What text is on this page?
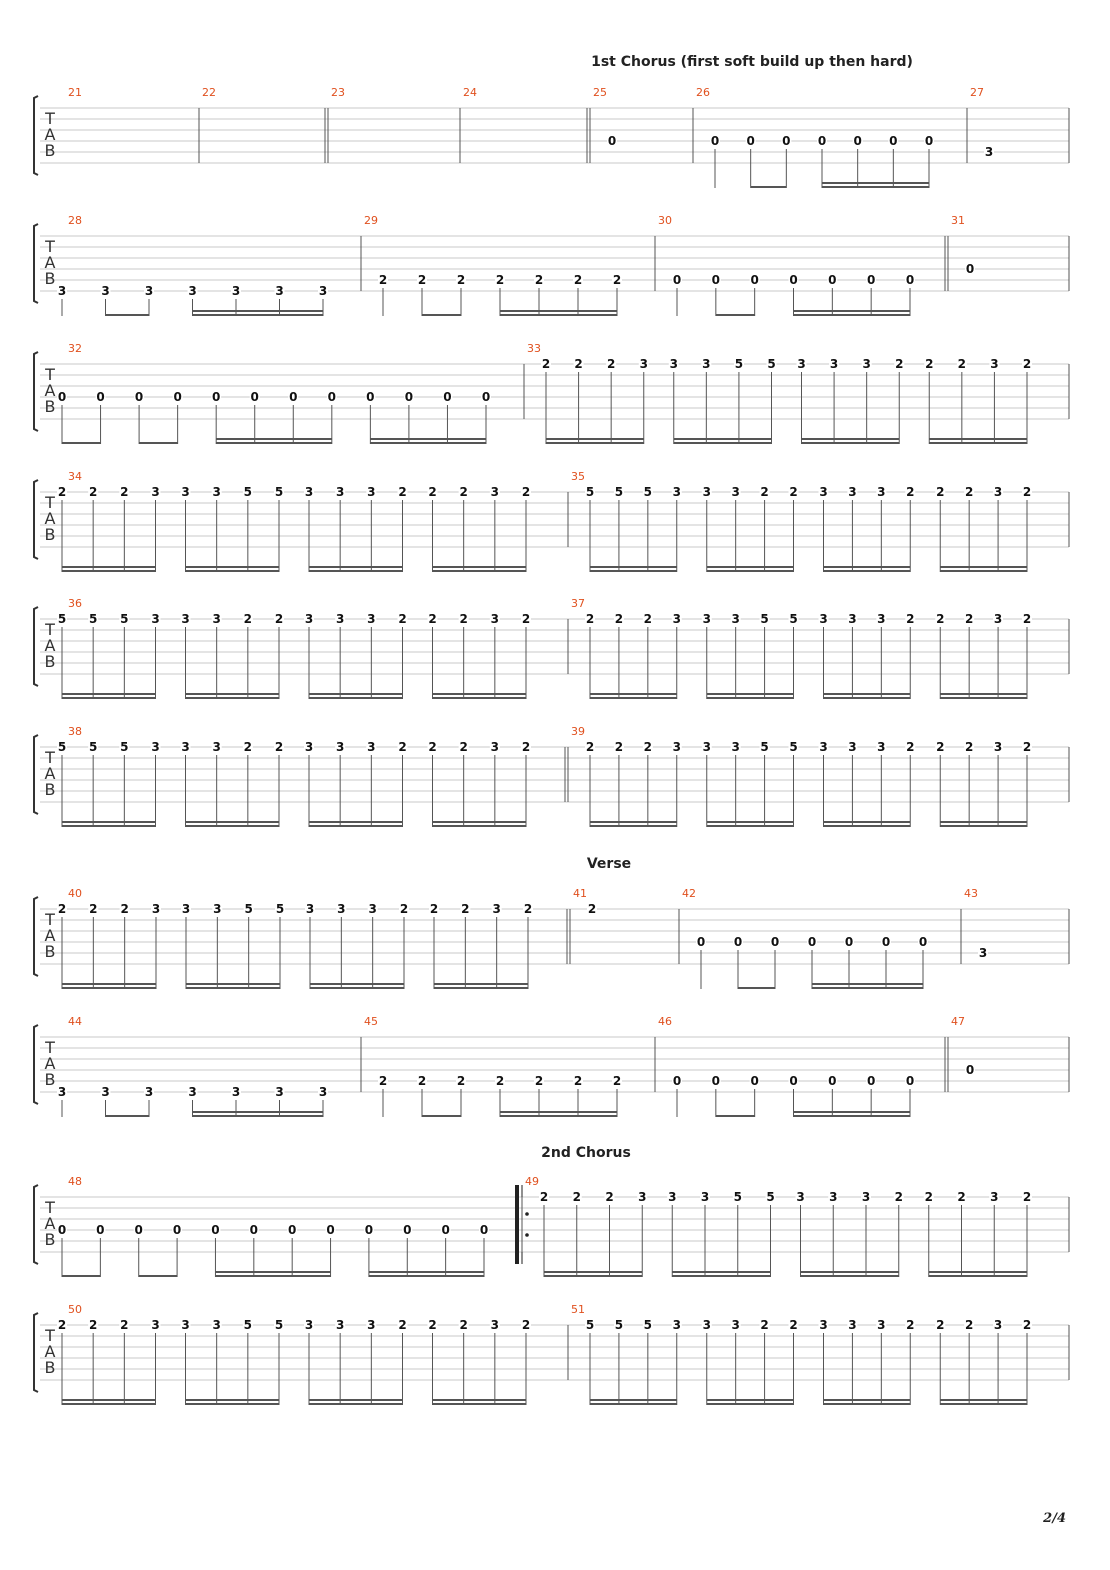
1st Chorus (first soft build up then hard)
Verse
2nd Chorus
2/4
T
A
B
21	22	23	24	25
0
26
0 0 0 0 0 0 0
27
3
T
A
B
28
3	3	3	3	3	3	3
29
2	2	2	2	2	2	2
30
0	0	0	0	0	0	0
31
0
T
A
B
32
0	0	0	0	0	0	0	0	0	0	0	0
33
2 2 2 3 3 3 5 5 3 3 3 2 2 2 3 2
T
A
B
34
2 2 2 3 3 3 5 5 3 3 3 2 2 2 3 2
35
5 5 5 3 3 3 2 2 3 3 3 2 2 2 3 2
T
A
B
36
5 5 5 3 3 3 2 2 3 3 3 2 2 2 3 2
37
2 2 2 3 3 3 5 5 3 3 3 2 2 2 3 2
T
A
B
38
5 5 5 3 3 3 2 2 3 3 3 2 2 2 3 2
39
2 2 2 3 3 3 5 5 3 3 3 2 2 2 3 2
T
A
B
40
2 2 2 3 3 3 5 5 3 3 3 2 2 2 3 2
41
2
42
0 0 0 0 0 0 0
43
3
T
A
B
44
3	3	3	3	3	3	3
45
2	2	2	2	2	2	2
46
0	0	0	0	0	0	0
47
0
T
A
B
48
0	0	0	0	0	0	0	0	0	0	0	0
49
2 2 2 3 3 3 5 5 3 3 3 2 2 2 3 2
T
A
B
50
2 2 2 3 3 3 5 5 3 3 3 2 2 2 3 2
51
5 5 5 3 3 3 2 2 3 3 3 2 2 2 3 2
